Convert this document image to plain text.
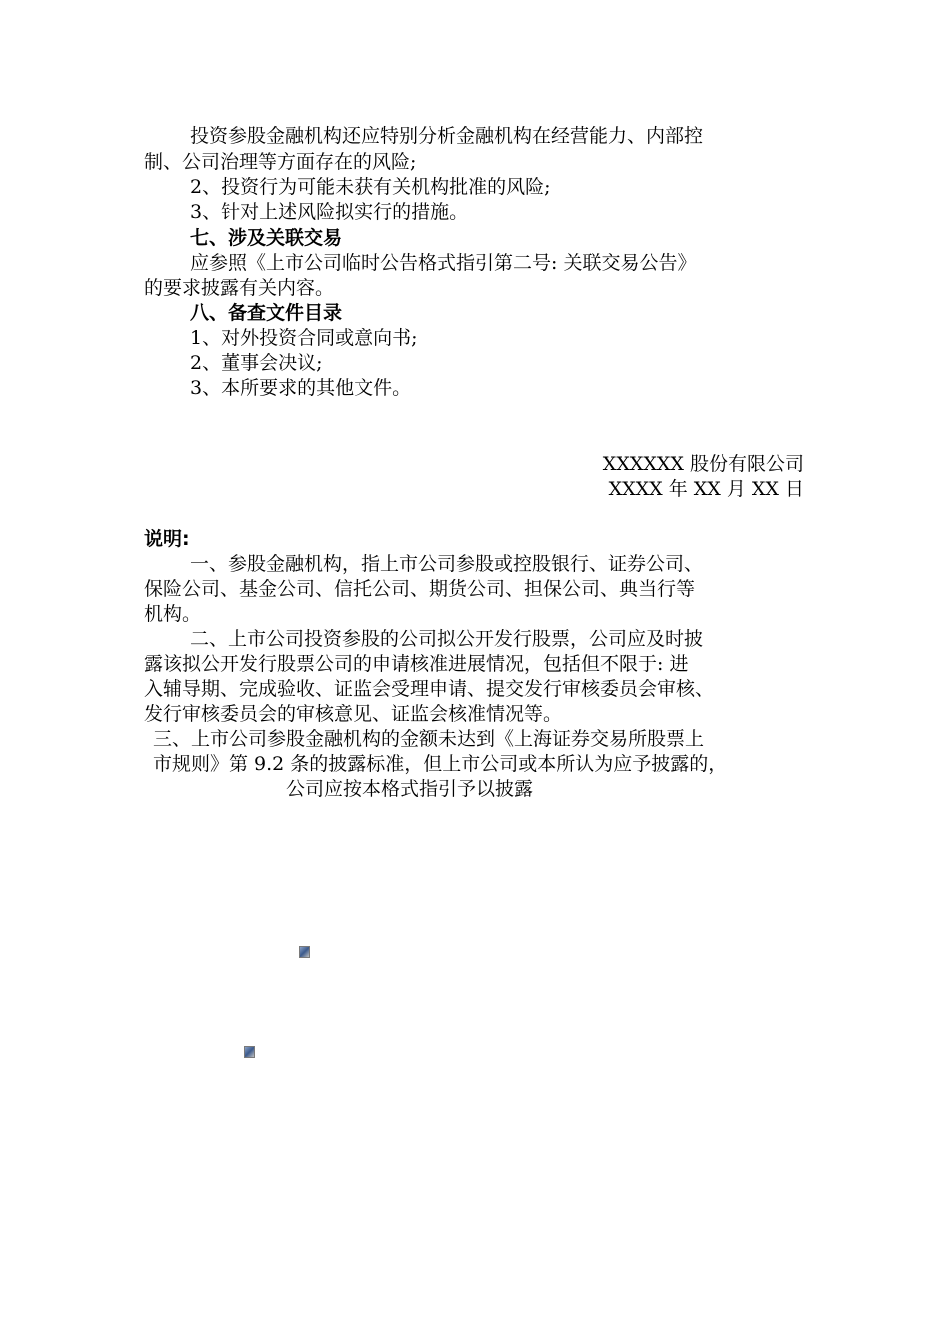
投资参股金融机构还应特别分析金融机构在经营能力、内部控
制、公司治理等方面存在的风险;
2、投资行为可能未获有关机构批准的风险;
3、针对上述风险拟实行的措施。
七、涉及关联交易
应参照《上市公司临时公告格式指引第二号: 关联交易公告》
的要求披露有关内容。
八、备查文件目录
1、对外投资合同或意向书;
2、董事会决议;
3、本所要求的其他文件。
XXXXXX 股份有限公司
XXXX 年 XX 月 XX 日
说明:
一、参股金融机构，指上市公司参股或控股银行、证券公司、
保险公司、基金公司、信托公司、期货公司、担保公司、典当行等
机构。
二、上市公司投资参股的公司拟公开发行股票，公司应及时披
露该拟公开发行股票公司的申请核准进展情况，包括但不限于: 进
入辅导期、完成验收、证监会受理申请、提交发行审核委员会审核、
发行审核委员会的审核意见、证监会核准情况等。
三、上市公司参股金融机构的金额未达到《上海证券交易所股票上
市规则》第 9.2 条的披露标准，但上市公司或本所认为应予披露的，
公司应按本格式指引予以披露
